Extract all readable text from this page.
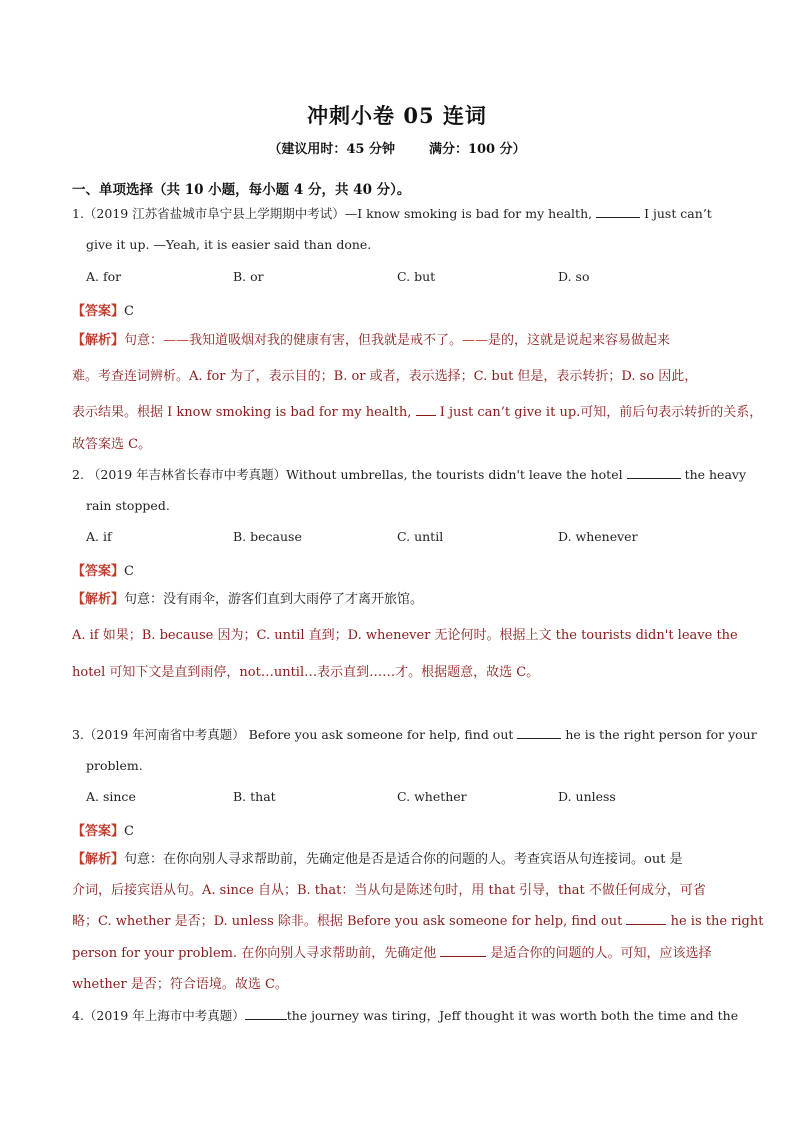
冲刺小卷 05 连词
（建议用时：45 分钟	满分：100 分）
一、单项选择（共 10 小题，每小题 4 分，共 40 分）。
1.（2019 江苏省盐城市阜宁县上学期期中考试）—I know smoking is bad for my health,	I just can’t
give it up. —Yeah, it is easier said than done.
A. for	B. or	C. but	D. so
【答案】C
【解析】句意：——我知道吸烟对我的健康有害，但我就是戒不了。——是的，这就是说起来容易做起来
难。考查连词辨析。A. for 为了，表示目的；B. or 或者，表示选择；C. but 但是，表示转折；D. so 因此，
表示结果。根据 I know smoking is bad for my health, I just can’t give it up.可知，前后句表示转折的关系，
故答案选 C。
2. （2019 年吉林省长春市中考真题）Without umbrellas, the tourists didn't leave the hotel	the heavy
rain stopped.
A. if	B. because	C. until	D. whenever
【答案】C
【解析】句意：没有雨伞，游客们直到大雨停了才离开旅馆。
A. if 如果；B. because 因为；C. until 直到；D. whenever 无论何时。根据上文 the tourists didn't leave the
hotel 可知下文是直到雨停，not…until…表示直到……才。根据题意，故选 C。
3.（2019 年河南省中考真题） Before you ask someone for help, find out	he is the right person for your
problem.
A. since	B. that	C. whether	D. unless
【答案】C
【解析】句意：在你向别人寻求帮助前，先确定他是否是适合你的问题的人。考查宾语从句连接词。out 是
介词，后接宾语从句。A. since 自从；B. that：当从句是陈述句时，用 that 引导，that 不做任何成分，可省
略；C. whether 是否；D. unless 除非。根据 Before you ask someone for help, find out	he is the right
person for your problem. 在你向别人寻求帮助前，先确定他	是适合你的问题的人。可知，应该选择
whether 是否；符合语境。故选 C。
4.（2019 年上海市中考真题）	the journey was tiring，Jeff thought it was worth both the time and the
